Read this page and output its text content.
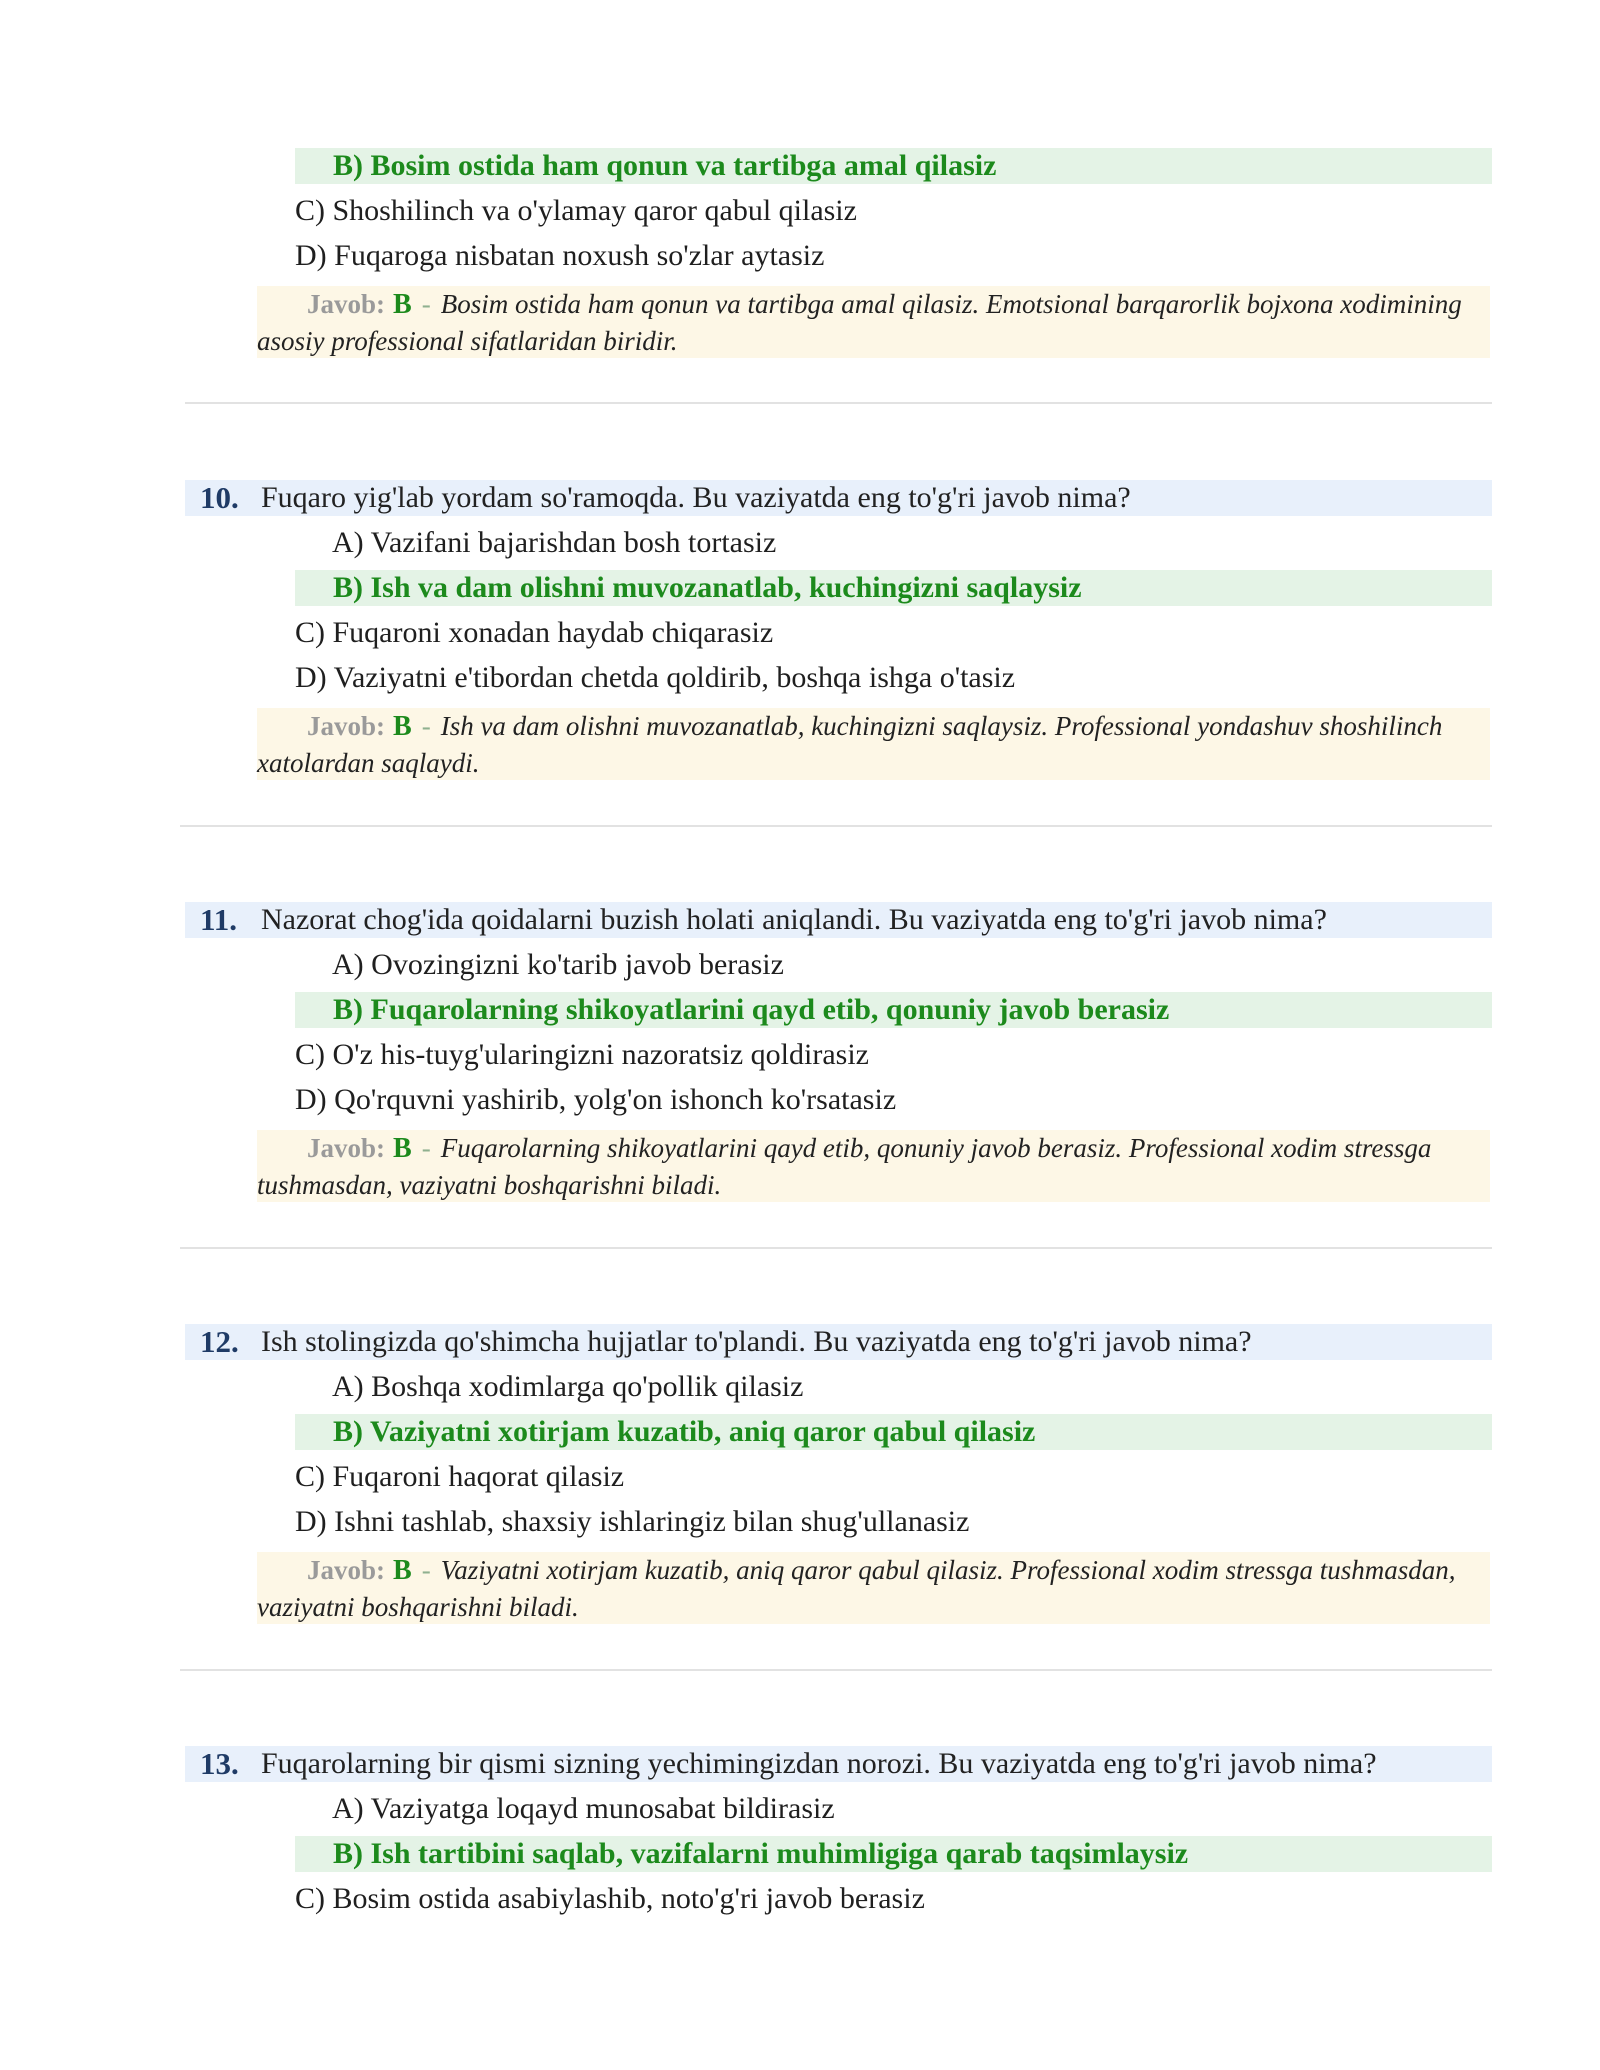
B) Bosim ostida ham qonun va tartibga amal qilasiz
C) Shoshilinch va o'ylamay qaror qabul qilasiz
D) Fuqaroga nisbatan noxush so'zlar aytasiz
Javob: B - Bosim ostida ham qonun va tartibga amal qilasiz. Emotsional barqarorlik bojxona xodimining asosiy professional sifatlaridan biridir.
10. Fuqaro yig'lab yordam so'ramoqda. Bu vaziyatda eng to'g'ri javob nima?
A) Vazifani bajarishdan bosh tortasiz
B) Ish va dam olishni muvozanatlab, kuchingizni saqlaysiz
C) Fuqaroni xonadan haydab chiqarasiz
D) Vaziyatni e'tibordan chetda qoldirib, boshqa ishga o'tasiz
Javob: B - Ish va dam olishni muvozanatlab, kuchingizni saqlaysiz. Professional yondashuv shoshilinch xatolardan saqlaydi.
11. Nazorat chog'ida qoidalarni buzish holati aniqlandi. Bu vaziyatda eng to'g'ri javob nima?
A) Ovozingizni ko'tarib javob berasiz
B) Fuqarolarning shikoyatlarini qayd etib, qonuniy javob berasiz
C) O'z his-tuyg'ularingizni nazoratsiz qoldirasiz
D) Qo'rquvni yashirib, yolg'on ishonch ko'rsatasiz
Javob: B - Fuqarolarning shikoyatlarini qayd etib, qonuniy javob berasiz. Professional xodim stressga tushmasdan, vaziyatni boshqarishni biladi.
12. Ish stolingizda qo'shimcha hujjatlar to'plandi. Bu vaziyatda eng to'g'ri javob nima?
A) Boshqa xodimlarga qo'pollik qilasiz
B) Vaziyatni xotirjam kuzatib, aniq qaror qabul qilasiz
C) Fuqaroni haqorat qilasiz
D) Ishni tashlab, shaxsiy ishlaringiz bilan shug'ullanasiz
Javob: B - Vaziyatni xotirjam kuzatib, aniq qaror qabul qilasiz. Professional xodim stressga tushmasdan, vaziyatni boshqarishni biladi.
13. Fuqarolarning bir qismi sizning yechimingizdan norozi. Bu vaziyatda eng to'g'ri javob nima?
A) Vaziyatga loqayd munosabat bildirasiz
B) Ish tartibini saqlab, vazifalarni muhimligiga qarab taqsimlaysiz
C) Bosim ostida asabiylashib, noto'g'ri javob berasiz
